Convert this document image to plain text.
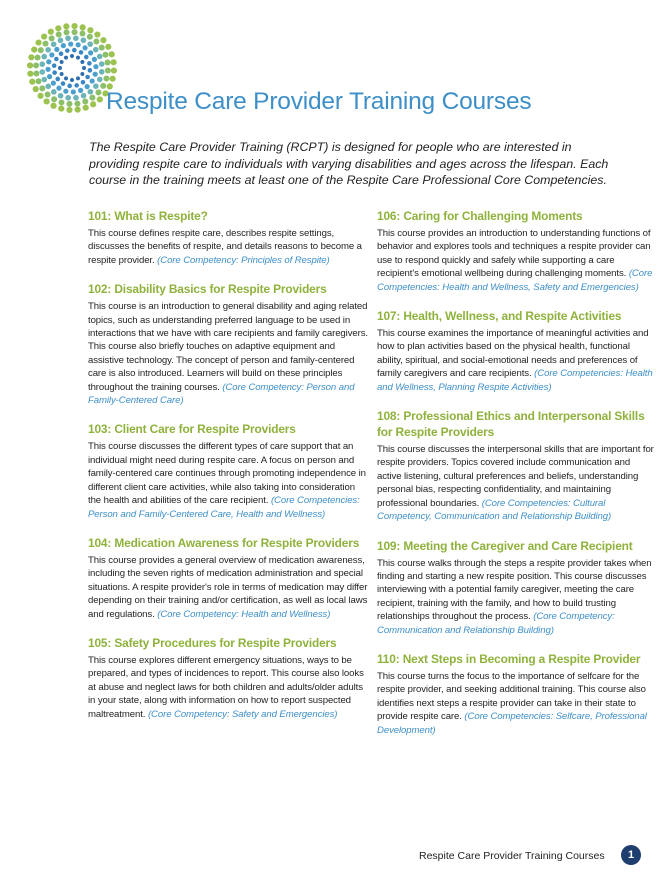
Respite Care Provider Training Courses

The Respite Care Provider Training (RCPT) is designed for people who are interested in providing respite care to individuals with varying disabilities and ages across the lifespan. Each course in the training meets at least one of the Respite Care Professional Core Competencies.

101: What is Respite?

This course defines respite care, describes respite settings, discusses the benefits of respite, and details reasons to become a respite provider. (Core Competency: Principles of Respite)

102: Disability Basics for Respite Providers

This course is an introduction to general disability and aging related topics, such as understanding preferred language to be used in interactions that we have with care recipients and family caregivers. This course also briefly touches on adaptive equipment and assistive technology. The concept of person and family-centered care is also introduced. Learners will build on these principles throughout the training courses. (Core Competency: Person and Family-Centered Care)

103: Client Care for Respite Providers

This course discusses the different types of care support that an individual might need during respite care. A focus on person and family-centered care continues through promoting independence in different client care activities, while also taking into consideration the health and abilities of the care recipient. (Core Competencies: Person and Family-Centered Care, Health and Wellness)

104: Medication Awareness for Respite Providers

This course provides a general overview of medication awareness, including the seven rights of medication administration and special situations. A respite provider's role in terms of medication may differ depending on their training and/or certification, as well as local laws and regulations. (Core Competency: Health and Wellness)

105: Safety Procedures for Respite Providers

This course explores different emergency situations, ways to be prepared, and types of incidences to report. This course also looks at abuse and neglect laws for both children and adults/older adults in your state, along with information on how to report suspected maltreatment. (Core Competency: Safety and Emergencies)

106: Caring for Challenging Moments

This course provides an introduction to understanding functions of behavior and explores tools and techniques a respite provider can use to respond quickly and safely while supporting a care recipient's emotional wellbeing during challenging moments. (Core Competencies: Health and Wellness, Safety and Emergencies)

107: Health, Wellness, and Respite Activities

This course examines the importance of meaningful activities and how to plan activities based on the physical health, functional ability, spiritual, and social-emotional needs and preferences of family caregivers and care recipients. (Core Competencies: Health and Wellness, Planning Respite Activities)

108: Professional Ethics and Interpersonal Skills for Respite Providers

This course discusses the interpersonal skills that are important for respite providers. Topics covered include communication and active listening, cultural preferences and beliefs, understanding personal bias, respecting confidentiality, and maintaining professional boundaries. (Core Competencies: Cultural Competency, Communication and Relationship Building)

109: Meeting the Caregiver and Care Recipient

This course walks through the steps a respite provider takes when finding and starting a new respite position. This course discusses interviewing with a potential family caregiver, meeting the care recipient, training with the family, and how to build trusting relationships throughout the process. (Core Competency: Communication and Relationship Building)

110: Next Steps in Becoming a Respite Provider

This course turns the focus to the importance of selfcare for the respite provider, and seeking additional training. This course also identifies next steps a respite provider can take in their state to provide respite care. (Core Competencies: Selfcare, Professional Development)

Respite Care Provider Training Courses	1
